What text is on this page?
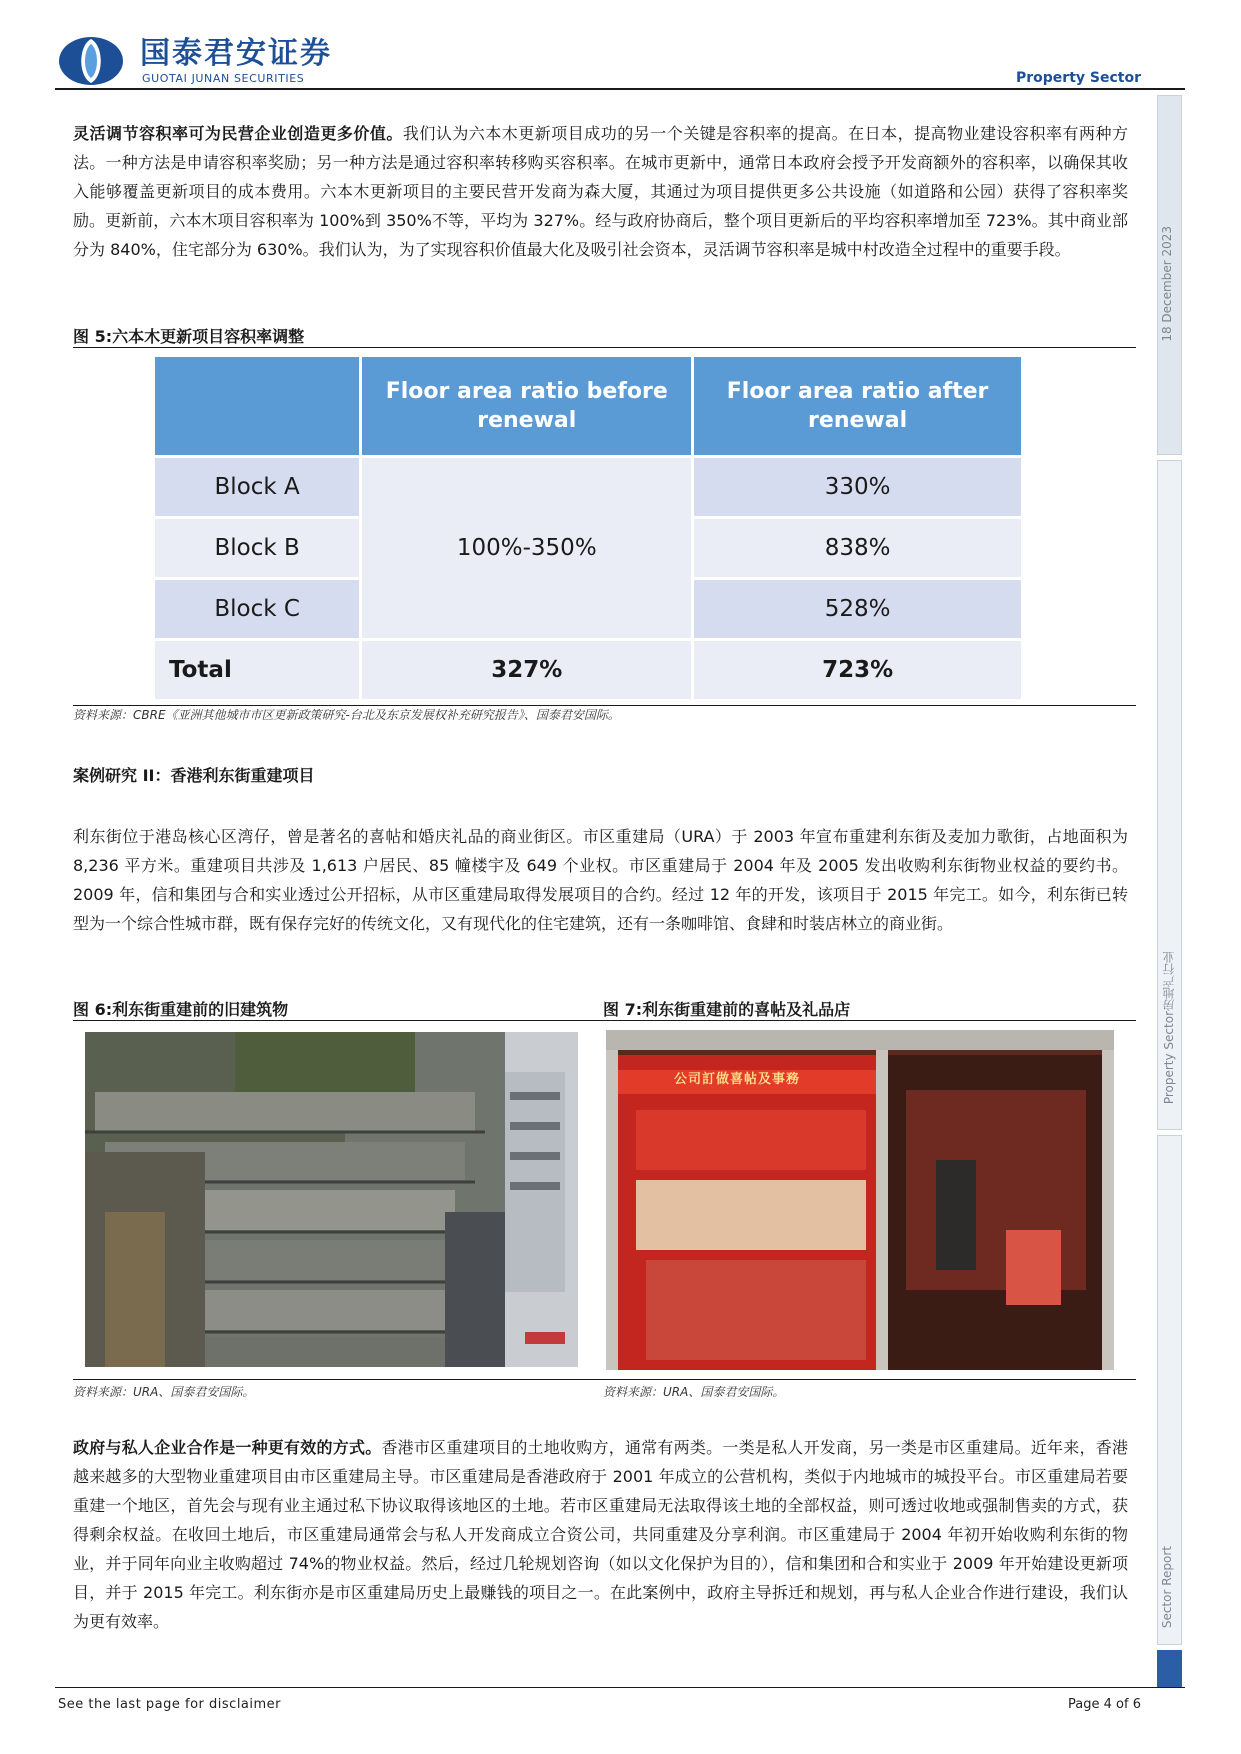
国泰君安证券
GUOTAI JUNAN SECURITIES	Property Sector
18 December 2023
Property Sector房地产行业
Sector Report
灵活调节容积率可为民营企业创造更多价值。我们认为六本木更新项目成功的另一个关键是容积率的提高。在日本，提高物业建设容积率有两种方法。一种方法是申请容积率奖励；另一种方法是通过容积率转移购买容积率。在城市更新中，通常日本政府会授予开发商额外的容积率，以确保其收入能够覆盖更新项目的成本费用。六本木更新项目的主要民营开发商为森大厦，其通过为项目提供更多公共设施（如道路和公园）获得了容积率奖励。更新前，六本木项目容积率为 100%到 350%不等，平均为 327%。经与政府协商后，整个项目更新后的平均容积率增加至 723%。其中商业部分为 840%，住宅部分为 630%。我们认为，为了实现容积价值最大化及吸引社会资本，灵活调节容积率是城中村改造全过程中的重要手段。
图 5:六本木更新项目容积率调整
	Floor area ratio before renewal	Floor area ratio after renewal
Block A	100%-350%	330%
Block B		838%
Block C		528%
Total	327%	723%
资料来源：CBRE《亚洲其他城市市区更新政策研究-台北及东京发展权补充研究报告》、国泰君安国际。
案例研究 II：香港利东街重建项目
利东街位于港岛核心区湾仔，曾是著名的喜帖和婚庆礼品的商业街区。市区重建局（URA）于 2003 年宣布重建利东街及麦加力歌街，占地面积为 8,236 平方米。重建项目共涉及 1,613 户居民、85 幢楼宇及 649 个业权。市区重建局于 2004 年及 2005 发出收购利东街物业权益的要约书。2009 年，信和集团与合和实业透过公开招标，从市区重建局取得发展项目的合约。经过 12 年的开发，该项目于 2015 年完工。如今，利东街已转型为一个综合性城市群，既有保存完好的传统文化，又有现代化的住宅建筑，还有一条咖啡馆、食肆和时装店林立的商业街。
图 6:利东街重建前的旧建筑物	图 7:利东街重建前的喜帖及礼品店
公司訂做喜帖及事務
资料来源：URA、国泰君安国际。	资料来源：URA、国泰君安国际。
政府与私人企业合作是一种更有效的方式。香港市区重建项目的土地收购方，通常有两类。一类是私人开发商，另一类是市区重建局。近年来，香港越来越多的大型物业重建项目由市区重建局主导。市区重建局是香港政府于 2001 年成立的公营机构，类似于内地城市的城投平台。市区重建局若要重建一个地区，首先会与现有业主通过私下协议取得该地区的土地。若市区重建局无法取得该土地的全部权益，则可透过收地或强制售卖的方式，获得剩余权益。在收回土地后，市区重建局通常会与私人开发商成立合资公司，共同重建及分享利润。市区重建局于 2004 年初开始收购利东街的物业，并于同年向业主收购超过 74%的物业权益。然后，经过几轮规划咨询（如以文化保护为目的），信和集团和合和实业于 2009 年开始建设更新项目，并于 2015 年完工。利东街亦是市区重建局历史上最赚钱的项目之一。在此案例中，政府主导拆迁和规划，再与私人企业合作进行建设，我们认为更有效率。
See the last page for disclaimer	Page 4 of 6
